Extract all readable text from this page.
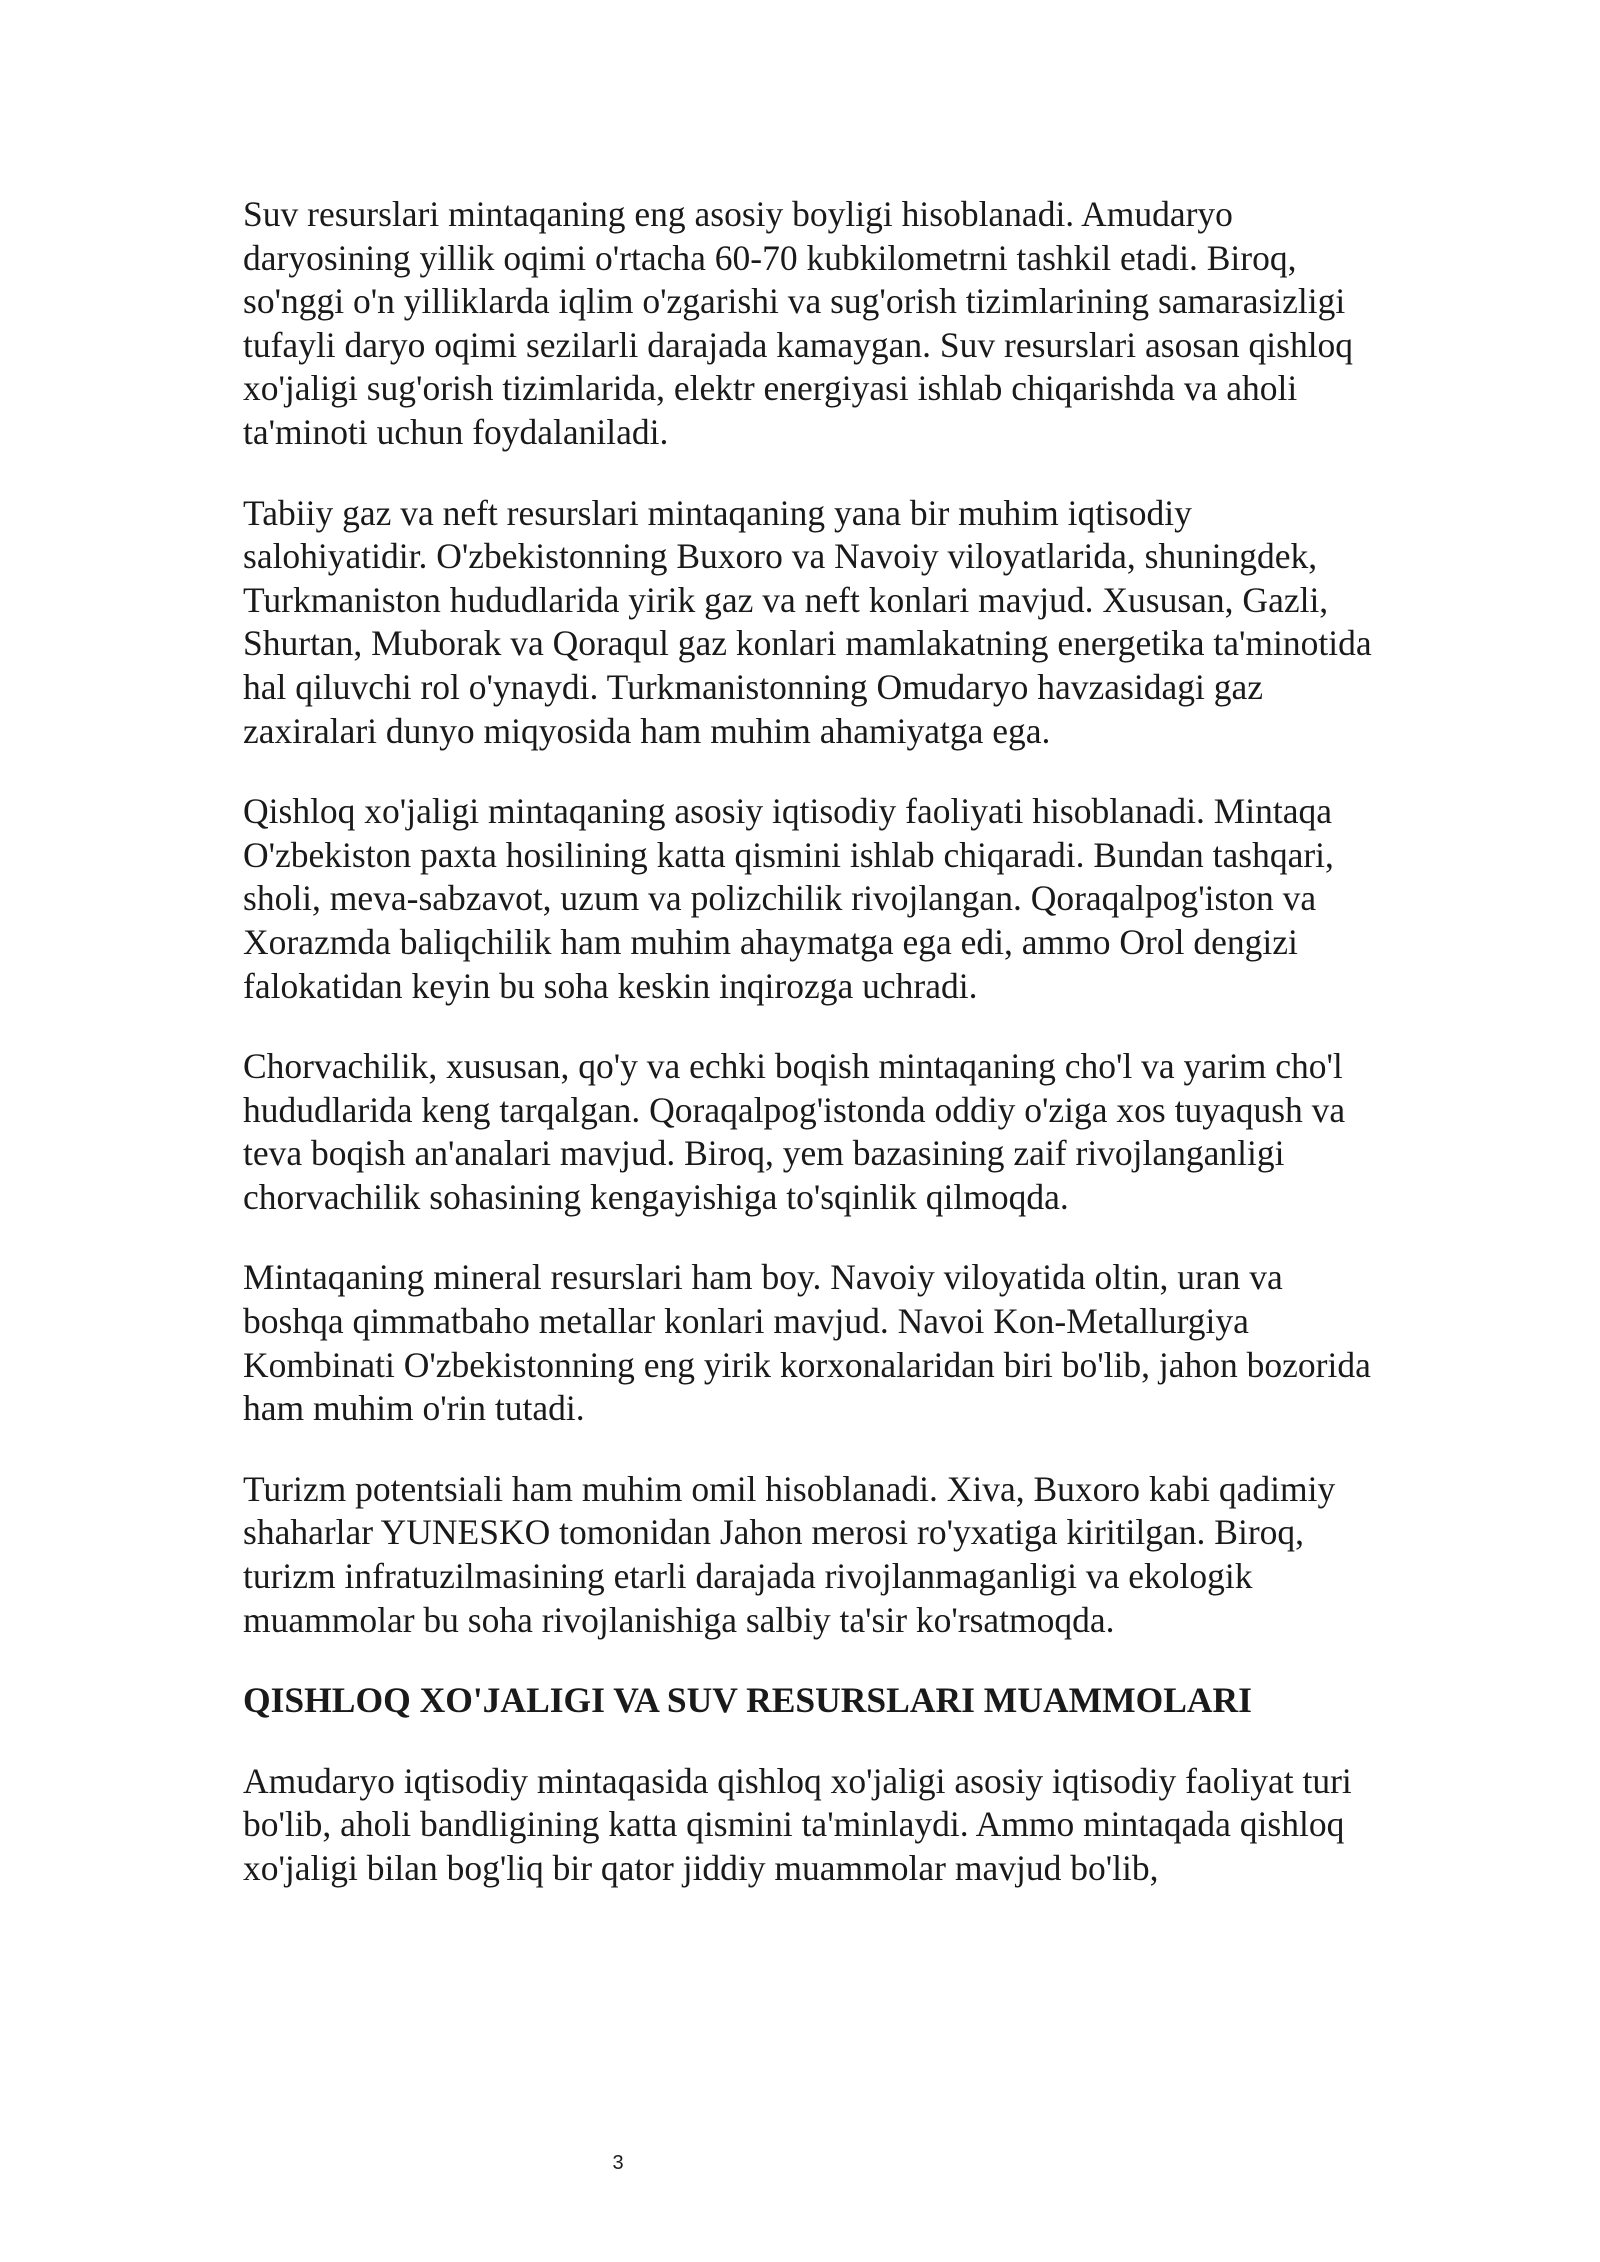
Suv resurslari mintaqaning eng asosiy boyligi hisoblanadi. Amudaryo daryosining yillik oqimi o'rtacha 60-70 kubkilometrni tashkil etadi. Biroq, so'nggi o'n yilliklarda iqlim o'zgarishi va sug'orish tizimlarining samarasizligi tufayli daryo oqimi sezilarli darajada kamaygan. Suv resurslari asosan qishloq xo'jaligi sug'orish tizimlarida, elektr energiyasi ishlab chiqarishda va aholi ta'minoti uchun foydalaniladi.

Tabiiy gaz va neft resurslari mintaqaning yana bir muhim iqtisodiy salohiyatidir. O'zbekistonning Buxoro va Navoiy viloyatlarida, shuningdek, Turkmaniston hududlarida yirik gaz va neft konlari mavjud. Xususan, Gazli, Shurtan, Muborak va Qoraqul gaz konlari mamlakatning energetika ta'minotida hal qiluvchi rol o'ynaydi. Turkmanistonning Omudaryo havzasidagi gaz zaxiralari dunyo miqyosida ham muhim ahamiyatga ega.

Qishloq xo'jaligi mintaqaning asosiy iqtisodiy faoliyati hisoblanadi. Mintaqa O'zbekiston paxta hosilining katta qismini ishlab chiqaradi. Bundan tashqari, sholi, meva-sabzavot, uzum va polizchilik rivojlangan. Qoraqalpog'iston va Xorazmda baliqchilik ham muhim ahaymatga ega edi, ammo Orol dengizi falokatidan keyin bu soha keskin inqirozga uchradi.

Chorvachilik, xususan, qo'y va echki boqish mintaqaning cho'l va yarim cho'l hududlarida keng tarqalgan. Qoraqalpog'istonda oddiy o'ziga xos tuyaqush va teva boqish an'analari mavjud. Biroq, yem bazasining zaif rivojlanganligi chorvachilik sohasining kengayishiga to'sqinlik qilmoqda.

Mintaqaning mineral resurslari ham boy. Navoiy viloyatida oltin, uran va boshqa qimmatbaho metallar konlari mavjud. Navoi Kon-Metallurgiya Kombinati O'zbekistonning eng yirik korxonalaridan biri bo'lib, jahon bozorida ham muhim o'rin tutadi.

Turizm potentsiali ham muhim omil hisoblanadi. Xiva, Buxoro kabi qadimiy shaharlar YUNESKO tomonidan Jahon merosi ro'yxatiga kiritilgan. Biroq, turizm infratuzilmasining etarli darajada rivojlanmaganligi va ekologik muammolar bu soha rivojlanishiga salbiy ta'sir ko'rsatmoqda.

QISHLOQ XO'JALIGI VA SUV RESURSLARI MUAMMOLARI

Amudaryo iqtisodiy mintaqasida qishloq xo'jaligi asosiy iqtisodiy faoliyat turi bo'lib, aholi bandligining katta qismini ta'minlaydi. Ammo mintaqada qishloq xo'jaligi bilan bog'liq bir qator jiddiy muammolar mavjud bo'lib,

3
